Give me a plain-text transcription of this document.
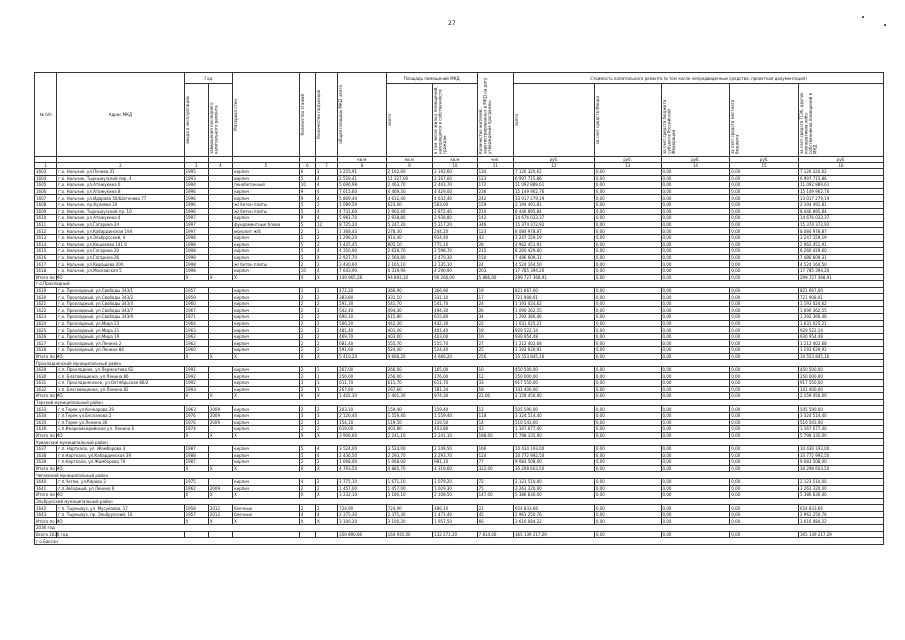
27
№ п/п	Адрес МКД	Год		Материал стен	Количество этажей	Количество подъездов	общая площадь МКД, всего	Площадь помещений МКД		Количество жителей, зарегистрированных в МКД на дату утверждения программы	Стоимость капитального ремонта (в том числе непредвиденные средства, проектная документация)				

		ввода в эксплуатацию	завершения последнего капитального ремонта					всего	в том числе жилых помещений, находящихся в собственности граждан		всего	за счет средств Фонда	за счет средств бюджета субъекта Российской Федерации	за счет средств местного бюджета	за счет средств ТСЖ, других кооперативов либо собственников помещений в МКД

							кв.м	кв.м	кв.м	чел.	руб.	руб.	руб.	руб.	руб.
1	2	3	4	5	6	7	8	9	10	11	12	13	14	15	16
1603	г.о. Нальчик, ул.Пачева 31	1995		кирпич	6	2	3 255,91	2 192,60	2 192,60	134	7 126 320,62	0,00	0,00	0,00	7 126 320,62
1604	г.о. Нальчик, Тырныаузский пер. 4	1993		кирпич	5	4	2 559,41	11 327,00	2 167,00	123	6 997 715,86	0,00	0,00	0,00	6 997 715,86
1605	г.о. Нальчик, ул.Атажукина 6	1994		пенобетонный	10	4	5 696,98	2 403,70	2 403,70	172	11 092 889,61	0,00	0,00	0,00	11 092 889,61
1606	г.о. Нальчик, ул.Атажукина 8	1996		кирпич	9	4	7 015,60	4 469,30	4 429,00	236	15 149 962,76	0,00	0,00	0,00	15 149 962,76
1607	г.о. Нальчик, ул.Идарова 50/Шогенова 77	1996		кирпич	9	4	5 869,40	4 632,40	4 632,40	242	13 017 279,19	0,00	0,00	0,00	13 017 279,19
1608	г.о. Нальчик, пр.Кулиева 24	1996		ж/ бетон плиты	5	2	1 089,59	623,00	583,00	159	2 194 491,81	0,00	0,00	0,00	2 194 491,81
1609	г.о. Нальчик, Тырныаузский пр. 10	1996		ж/ бетон плиты	5	4	4 731,60	2 902,40	2 872,40	210	8 446 895,84	0,00	0,00	0,00	8 446 895,84
1610	г.о. Нальчик, ул.Атажукина 4	1997		кирпич	9	4	5 981,70	2 938,80	2 938,80	142	14 676 033,37	0,00	0,00	0,00	14 676 033,37
1611	г.о. Нальчик, ул.Гагарина 24	1997		фундаментные блоки	5	12	8 725,20	5 247,20	5 217,20	346	15 374 372,92	0,00	0,00	0,00	15 374 372,92
1612	г.о. Нальчик, ул.Кабардинская 194	1997		монолит ж/б	2	1	1 368,43	278,30	244,20	123	8 084 978,87	0,00	0,00	0,00	8 084 978,87
1613	г.о. Нальчик, ул.Эльбрусский, 4	1998		кирпич	5	2	1 296,29	914,40	914,40	43	3 247 159,19	0,00	0,00	0,00	3 247 159,19
1614	г.о. Нальчик, ул.Кешокова 141 б	1998		кирпич	5	2	1 425,45	805,10	775,10	28	2 962 451,91	0,00	0,00	0,00	2 962 451,91
1615	г.о. Нальчик, ул.Гагарина 20	1998		кирпич	5	4	4 350,90	2 628,70	2 598,70	215	8 260 429,60	0,00	0,00	0,00	8 260 429,60
1616	г.о. Нальчик, ул.Гагарина 26	1998		кирпич	5	4	2 927,70	2 560,80	2 470,30	150	7 486 609,31	0,00	0,00	0,00	7 486 609,31
1617	г.о. Нальчик, ул.Кирашева 20А	1998		ж/ бетон плиты	2	2	3 430,60	2 165,10	2 135,10	24	4 524 164,50	0,00	0,00	0,00	4 524 164,50
1618	г.о. Нальчик, ул.Московская 5	1998		кирпич	10	4	7 643,90	4 319,90	4 290,90	263	17 785 394,20	0,00	0,00	0,00	17 785 394,20
Итого по МО		X	X	X	X	X	149 965,28	94 893,10	90 266,00	5 886,00	299 727 368,91	0,00	0,00	0,00	299 727 368,91
г.о.Прохладный															
1619	г.о. Прохладный, ул.Свободы 343/1	1957		кирпич	2	2	472,20	366,90	366,90	19	821 667,00	0,00	0,00	0,00	821 667,00
1620	г.о. Прохладный, ул.Свободы 343/2	1959		кирпич	2	2	383,80	331,10	331,10	17	721 908,01	0,00	0,00	0,00	721 908,01
1621	г.о. Прохладный, ул.Свободы 343/4	1960		кирпич	2	2	591,30	541,70	541,70	24	1 193 024,62	0,00	0,00	0,00	1 193 024,62
1622	г.о. Прохладный, ул.Свободы 343/7	1967		кирпич	2	2	542,40	494,30	494,30	26	1 090 362,55	0,00	0,00	0,00	1 090 362,55
1623	г.о. Прохладный, ул.Свободы 343/9	1971		кирпич	2	2	690,10	615,80	615,80	34	1 292 366,46	0,00	0,00	0,00	1 292 366,46
1624	г.о. Прохладный, ул.Мира 23	1964		кирпич	2	2	506,20	442,30	442,30	22	1 031 025,21	0,00	0,00	0,00	1 031 025,21
1625	г.о. Прохладный, ул.Мира 21	1963		кирпич	2	2	481,40	401,40	401,40	19	929 522,14	0,00	0,00	0,00	929 522,14
1626	г.о. Прохладный, ул.Мира 19	1962		кирпич	2	2	469,70	403,00	403,00	19	930 954,48	0,00	0,00	0,00	930 954,48
1627	г.о. Прохладный, ул.Ленина 2	1962		кирпич	2	2	681,40	555,70	555,70	27	1 212 402,68	0,00	0,00	0,00	1 212 402,68
1628	г.о. Прохладный, ул.Ленина 84	1960		кирпич	2	2	591,60	524,40	524,40	25	1 193 629,91	0,00	0,00	0,00	1 193 629,91
Итого по МО		X	X	X	X	X	5 410,20	4 666,20	4 666,20	256	10 553 845,16	0,00	0,00	0,00	10 553 845,16
Прохладненский муниципальный район															
1629	с.п. Прохладное, ул.Лермонтова 62	1991		кирпич	2	1	267,00	266,00	165,00	10	450 500,00	0,00	0,00	0,00	450 500,00
1630	с.п. Благовещенка, ул.Ленина 86	1992		кирпич	2	1	256,00	256,00	176,00	12	250 000,00	0,00	0,00	0,00	250 000,00
1631	с.п. Прохладненское, ул.Октябрьская 86/2	1992		кирпич	3	3	611,70	611,70	611,70	33	917 550,00	0,00	0,00	0,00	917 550,00
1632	с.п. Благовещенка, ул.Ленина 82	1993		кирпич	2	1	267,60	267,60	181,34	18	341 400,00	0,00	0,00	0,00	341 400,00
Итого по МО		X	X	X	X	X	1 402,30	1 401,30	974,30	22,00	2 159 450,00	0,00	0,00	0,00	2 159 450,00
Терский муниципальный район															
1633	г.п.Терек ул.Кочкарова 29	1963	2009	кирпич	2	2	203,10	159,40	159,40	12	505 590,00	0,00	0,00	0,00	505 590,00
1634	г.п.Терек ул.Бесланова 2	1976	2009	кирпич	3	3	2 126,40	1 559,40	1 559,40	118	3 324 514,40	0,00	0,00	0,00	3 324 514,40
1635	г.п.Терек ул.Ленина 30	1976	2009	кирпич	2	2	154,10	119,50	119,50	14	510 543,00	0,00	0,00	0,00	510 543,00
1636	с.п.Инаркойсирийское ул. Ленина 6	1974		кирпич	2	2	619,00	403,80	403,80	43	1 167 677,40	0,00	0,00	0,00	1 167 677,40
Итого по МО		X	X	X	X	X	3 906,60	2 241,10	2 241,10	188,00	5 798 335,00	0,00	0,00	0,00	5 798 335,00
Урванский муниципальный район															
1637	г.п. Нарткала, ул. Жамборова 3	1987		кирпич	5	4	3 524,00	3 524,00	2 249,50	166	10 430 193,00	0,00	0,00	0,00	10 430 193,00
1638	г.п.Нарткала, ул.Кабардинская 39	1988		кирпич	5	4	2 436,50	2 293,70	2 293,70	124	10 772 992,50	0,00	0,00	0,00	10 772 992,50
1639	г.п.Нарткала, ул.Жамборова 70	1987		кирпич	2	2	1 068,00	1 068,00	981,10	77	9 083 508,00	0,00	0,00	0,00	9 083 508,00
Итого по МО		X	X	X	X	X	4 793,50	4 885,70	4 319,60	322,00	30 298 603,50	0,00	0,00	0,00	30 298 603,50
Чегемский муниципальный район															
1640	г.п.Чегем, ул.Кярова 2	1975		кирпич	4	2	1 775,10	1 671,10	1 079,20	72	2 123 510,00	0,00	0,00	0,00	2 123 510,00
1641	г.п.Звёздный, ул.Ленина 6	1962	2009	кирпич	2	2	1 457,00	1 457,00	1 029,30	75	3 263 320,00	0,00	0,00	0,00	3 263 320,00
Итого по МО		X	X	X	X	X	3 232,10	3 180,10	2 108,50	147,00	5 386 830,00	0,00	0,00	0,00	5 386 830,00
Эльбрусский муниципальный район															
1642	г.п. Тырныауз, ул. Мусукаева, 17	1958	2012	блочные	2	2	724,90	724,90	486,10	21	654 833,66	0,00	0,00	0,00	654 833,66
1643	г.п. Тырныауз, пр. Эльбрусский, 16	1957	2012	блочные	4	4	2 375,30	2 375,30	1 471,40	45	2 961 250,76	0,00	0,00	0,00	2 961 250,76
Итого по МО		X	X	X	X	X	3 100,20	3 100,20	1 957,50	66	3 616 084,22	0,00	0,00	0,00	3 616 084,22
2036 год															
Всего 2036 год							350 890,66	164 935,00	132 271,20	7 814,00	365 139 217,29	0,00	0,00	0,00	365 139 217,29
г.о.Баксан															
